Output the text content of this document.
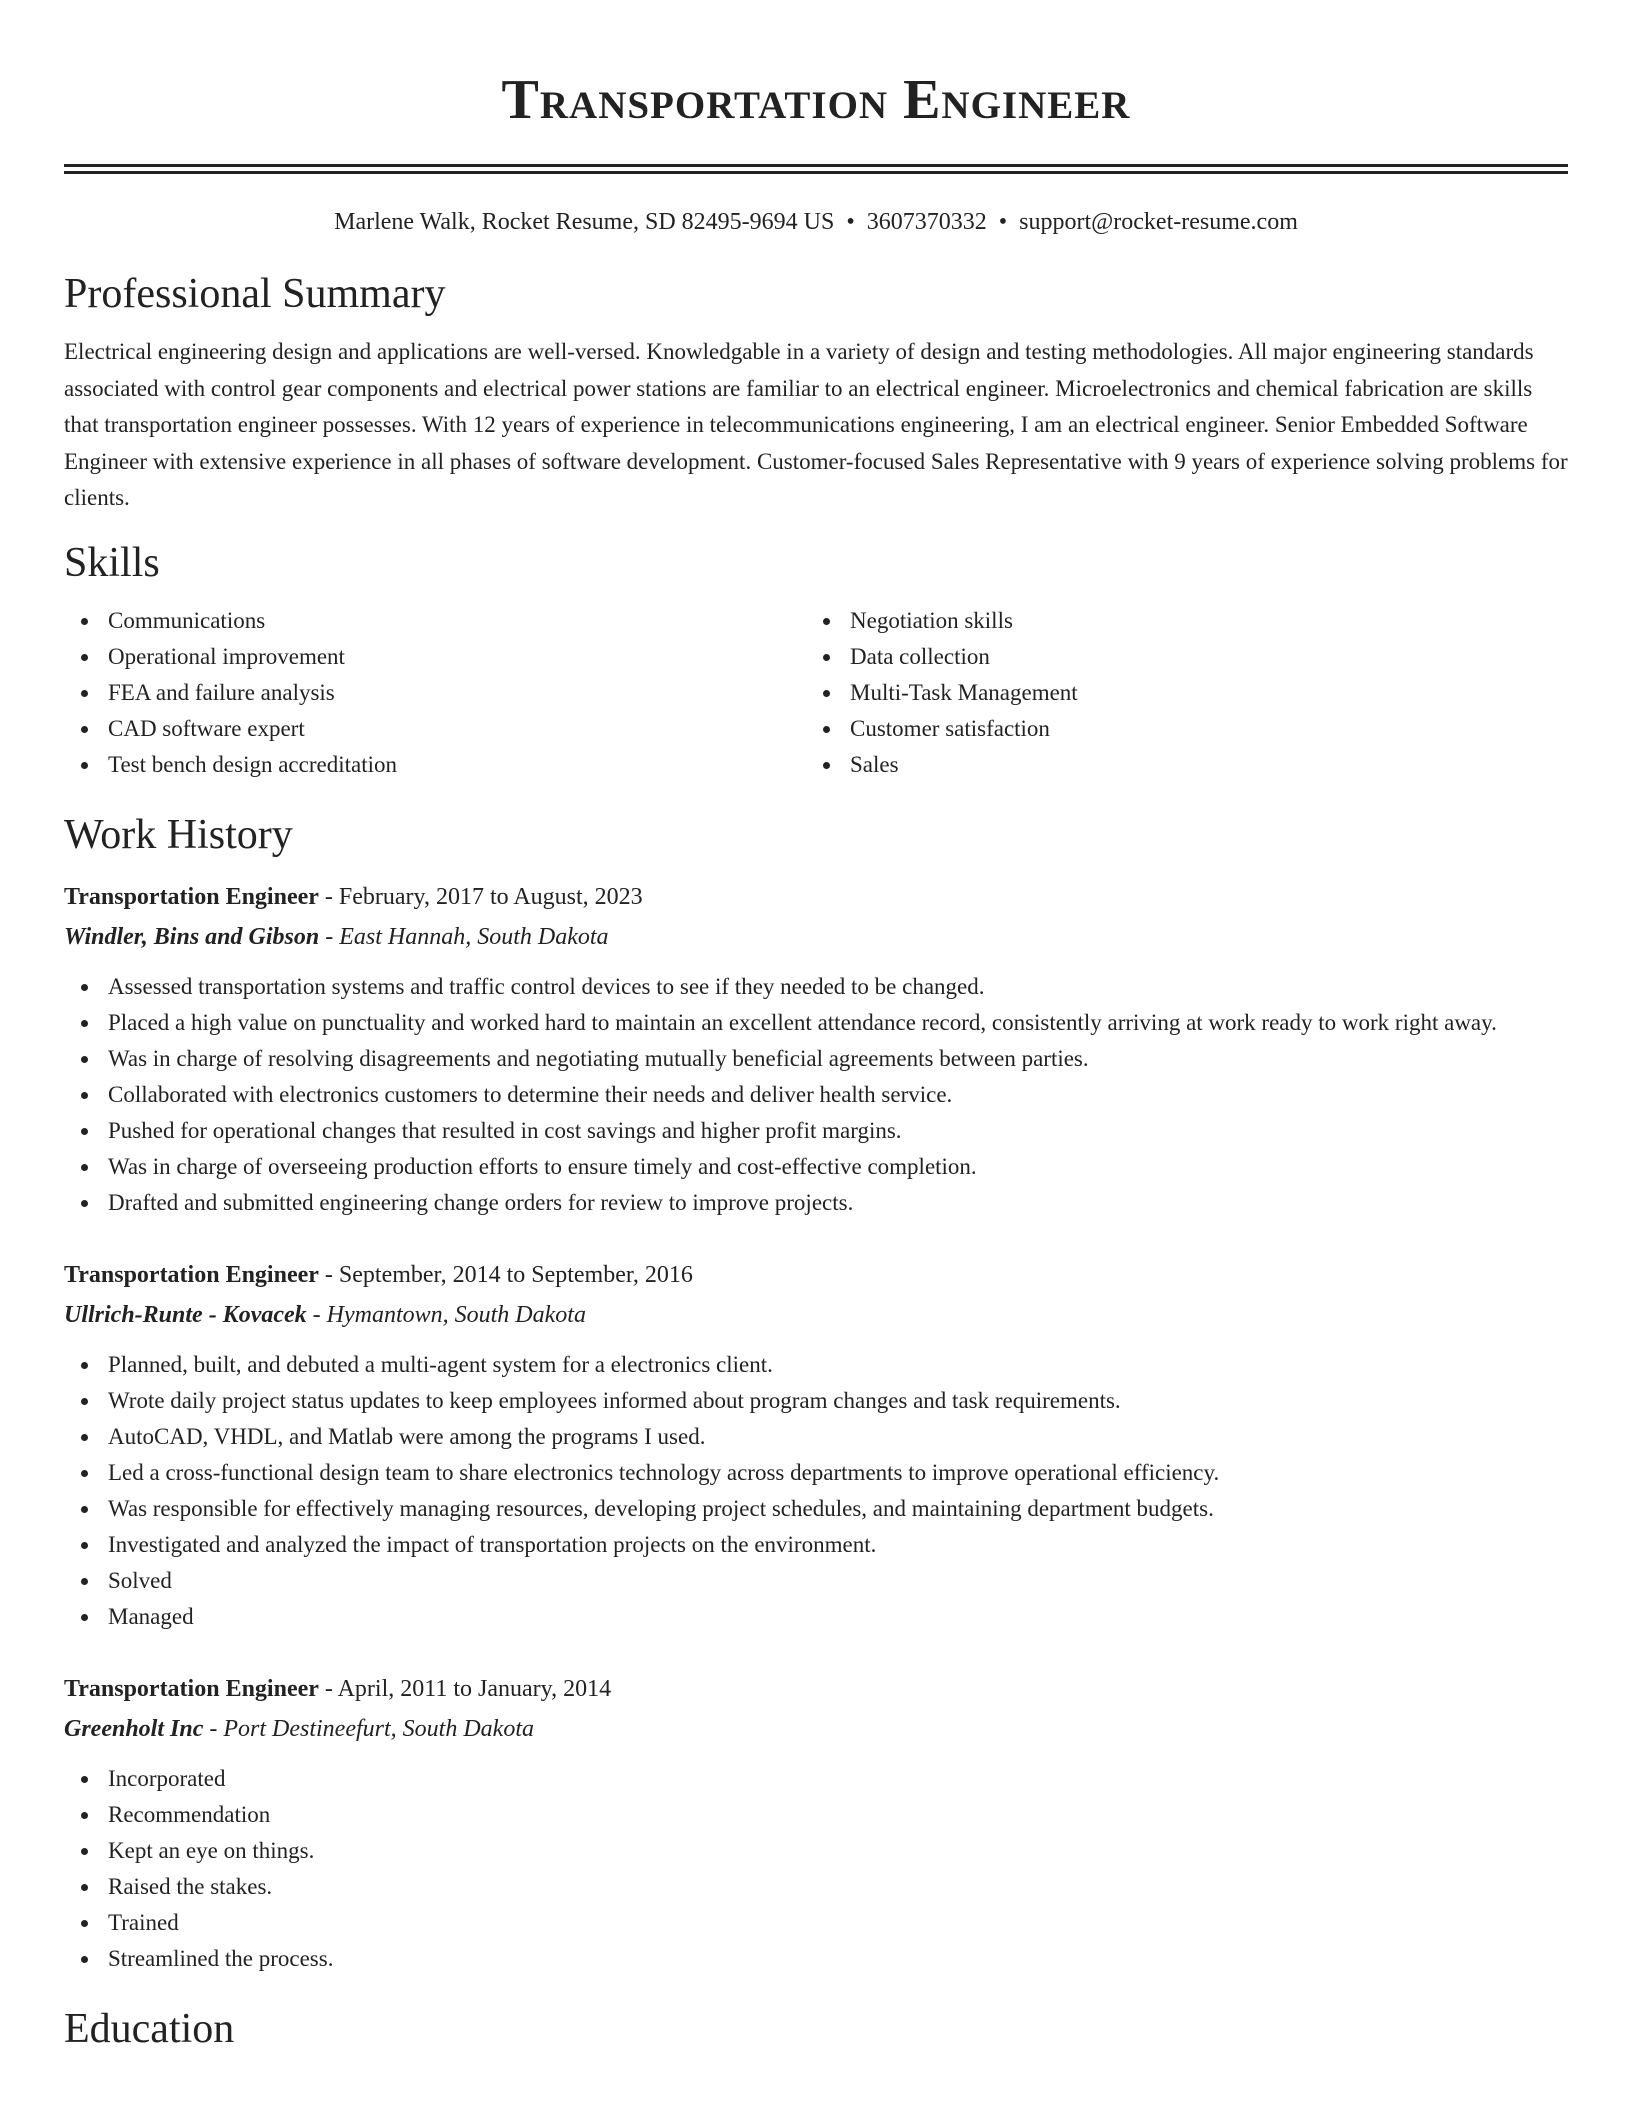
Transportation Engineer
Marlene Walk, Rocket Resume, SD 82495-9694 US • 3607370332 • support@rocket-resume.com
Professional Summary

Electrical engineering design and applications are well-versed. Knowledgable in a variety of design and testing methodologies. All major engineering standards associated with control gear components and electrical power stations are familiar to an electrical engineer. Microelectronics and chemical fabrication are skills that transportation engineer possesses. With 12 years of experience in telecommunications engineering, I am an electrical engineer. Senior Embedded Software Engineer with extensive experience in all phases of software development. Customer-focused Sales Representative with 9 years of experience solving problems for clients.

Skills
Communications
Operational improvement
FEA and failure analysis
CAD software expert
Test bench design accreditation
Negotiation skills
Data collection
Multi-Task Management
Customer satisfaction
Sales
Work History
Transportation Engineer - February, 2017 to August, 2023
Windler, Bins and Gibson - East Hannah, South Dakota
Assessed transportation systems and traffic control devices to see if they needed to be changed.
Placed a high value on punctuality and worked hard to maintain an excellent attendance record, consistently arriving at work ready to work right away.
Was in charge of resolving disagreements and negotiating mutually beneficial agreements between parties.
Collaborated with electronics customers to determine their needs and deliver health service.
Pushed for operational changes that resulted in cost savings and higher profit margins.
Was in charge of overseeing production efforts to ensure timely and cost-effective completion.
Drafted and submitted engineering change orders for review to improve projects.
Transportation Engineer - September, 2014 to September, 2016
Ullrich-Runte - Kovacek - Hymantown, South Dakota
Planned, built, and debuted a multi-agent system for a electronics client.
Wrote daily project status updates to keep employees informed about program changes and task requirements.
AutoCAD, VHDL, and Matlab were among the programs I used.
Led a cross-functional design team to share electronics technology across departments to improve operational efficiency.
Was responsible for effectively managing resources, developing project schedules, and maintaining department budgets.
Investigated and analyzed the impact of transportation projects on the environment.
Solved
Managed
Transportation Engineer - April, 2011 to January, 2014
Greenholt Inc - Port Destineefurt, South Dakota
Incorporated
Recommendation
Kept an eye on things.
Raised the stakes.
Trained
Streamlined the process.
Education
